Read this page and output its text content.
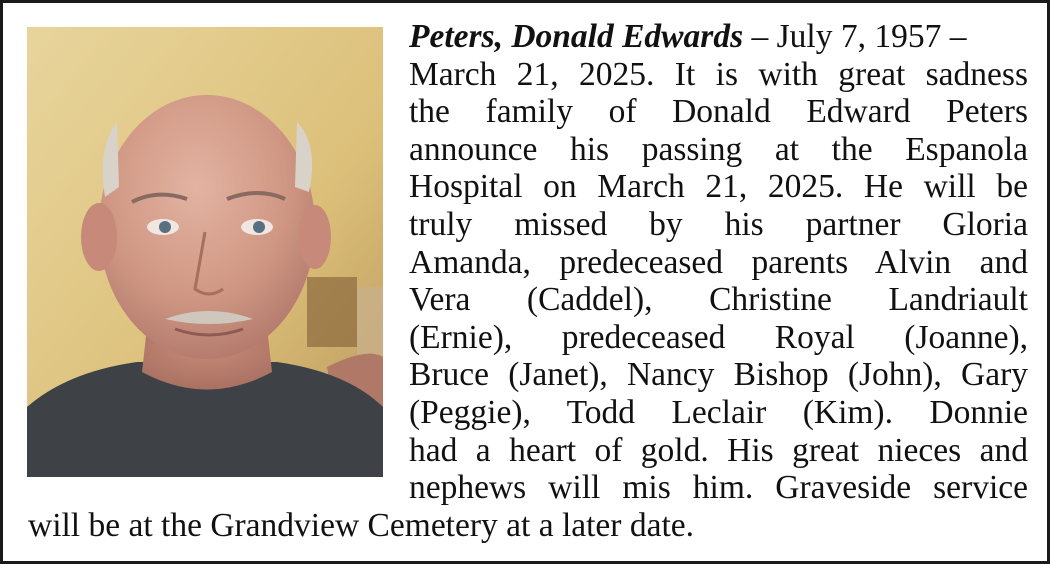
Peters, Donald Edwards – July 7, 1957 –
March 21, 2025. It is with great sadness
the family of Donald Edward Peters
announce his passing at the Espanola
Hospital on March 21, 2025. He will be
truly missed by his partner Gloria
Amanda, predeceased parents Alvin and
Vera (Caddel), Christine Landriault
(Ernie), predeceased Royal (Joanne),
Bruce (Janet), Nancy Bishop (John), Gary
(Peggie), Todd Leclair (Kim). Donnie
had a heart of gold. His great nieces and
nephews will mis him. Graveside service
will be at the Grandview Cemetery at a later date.
